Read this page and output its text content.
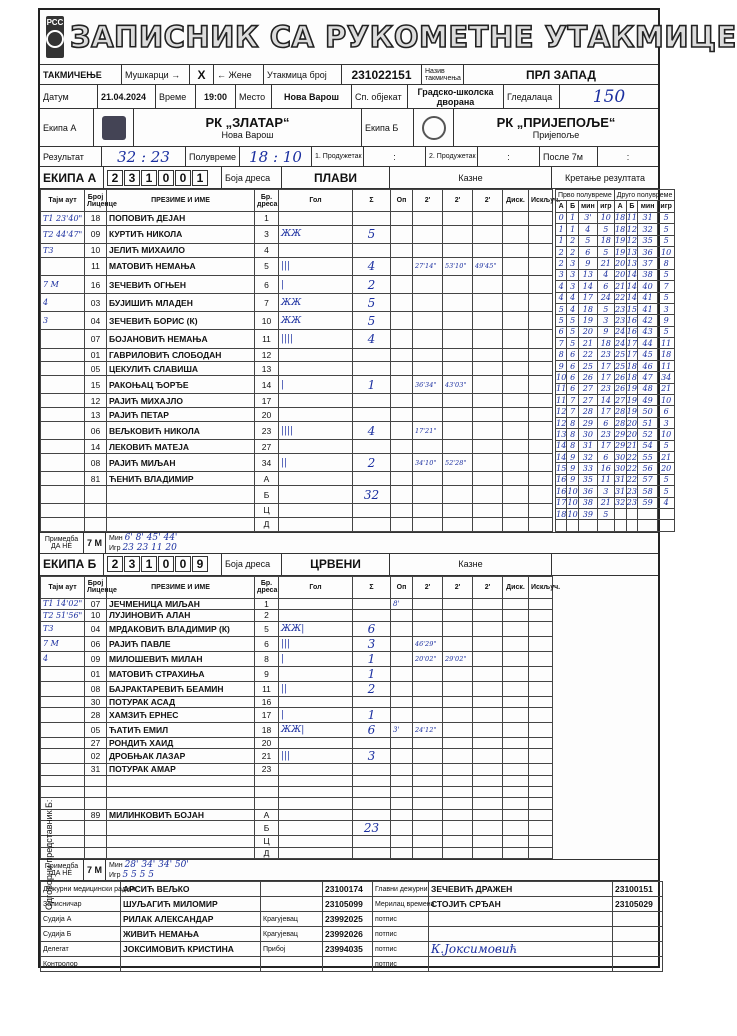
РСС ЗАПИСНИК СА РУКОМЕТНЕ УТАКМИЦЕ
ТАКМИЧЕЊЕ	Мушкарци →	X	← Жене	Утакмица број	231022151	Назив такмичења	ПРЛ ЗАПАД
Датум	21.04.2024	Време	19:00	Место	Нова Варош	Сп. објекат	Градско-школска дворана	Гледалаца	150
Екипа А	РК „ЗЛАТАР“
Нова Варош
Екипа Б	РК „ПРИЈЕПОЉЕ“
Пријепоље
Результат	32 : 23	Полувреме 18 : 10	1. Продужетак	:	2. Продужетак	:	После 7м	:
ЕКИПА А	2 3 1 0 0 1	Боја дреса	ПЛАВИ	Казне	Кретање резултата
Тајм аут	Број Лиценце	ПРЕЗИМЕ И ИМЕ	Бр. дреса	Гол	Σ	Оп	2'	2'	2'	Диск.	Искључ.
T1 23'40"	18	ПОПОВИЋ ДЕЈАН	1								
T2 44'47"	09	КУРТИЋ НИКОЛА	3	ЖЖ	5						
T3	10	ЈЕЛИЋ МИХАИЛО	4								
	11	МАТОВИЋ НЕМАЊА	5	|||	4		27'14"	53'10"	49'45"		
7 M	16	ЗЕЧЕВИЋ ОГЊЕН	6	|	2						
4	03	БУЈИШИЋ МЛАДЕН	7	ЖЖ	5						
3	04	ЗЕЧЕВИЋ БОРИС (К)	10	ЖЖ	5						
	07	БОЈАНОВИЋ НЕМАЊА	11	||||	4						
	01	ГАВРИЛОВИЋ СЛОБОДАН	12								
	05	ЦЕКУЛИЋ СЛАВИША	13								
	15	РАКОЊАЦ ЂОРЂЕ	14	|	1		36'34"	43'03"			
	12	РАЈИЋ МИХАЈЛО	17								
	13	РАЈИЋ ПЕТАР	20								
	06	ВЕЉКОВИЋ НИКОЛА	23	||||	4		17'21"				
	14	ЛЕКОВИЋ МАТЕЈА	27								
	08	РАЈИЋ МИЉАН	34	||	2		34'10"	52'28"			
	81	ЋЕНИЋ ВЛАДИМИР	А								
			Б		32						
			Ц								
			Д								
Прво полувреме				Друго полувреме			
А	Б	мин	игр	А	Б	мин	игр
0	1	3'	10	18	11	31	5
1	1	4	5	18	12	32	5
1	2	5	18	19	12	35	5
2	2	6	5	19	13	36	10
2	3	9	21	20	13	37	8
3	3	13	4	20	14	38	5
4	3	14	6	21	14	40	7
4	4	17	24	22	14	41	5
5	4	18	5	23	15	41	3
5	5	19	3	23	16	42	9
6	5	20	9	24	16	43	5
7	5	21	18	24	17	44	11
8	6	22	23	25	17	45	18
9	6	25	17	25	18	46	11
10	6	26	17	26	18	47	34
11	6	27	23	26	19	48	21
11	7	27	14	27	19	49	10
12	7	28	17	28	19	50	6
12	8	29	6	28	20	51	3
13	8	30	23	29	20	52	10
14	8	31	17	29	21	54	5
14	9	32	6	30	22	55	21
15	9	33	16	30	22	56	20
16	9	35	11	31	22	57	5
16	10	36	3	31	23	58	5
17	10	38	21	32	23	59	4
18	10	39	5				

Примедба
ДА НЕ	7 М Мин 6' 8' 45' 44'
Игр 23 23 11 20
ЕКИПА Б	2 3 1 0 0 9	Боја дреса	ЦРВЕНИ	Казне
Тајм аут	Број Лиценце	ПРЕЗИМЕ И ИМЕ	Бр. дреса	Гол	Σ	Оп	2'	2'	2'	Диск.	Искључ.
T1 14'02"	07	ЈЕЧМЕНИЦА МИЉАН	1			8'					
T2 51'56"	10	ЛУЈИНОВИЋ АЛАН	2								
T3	04	МРДАКОВИЋ ВЛАДИМИР (К)	5	ЖЖ|	6						
7 M	06	РАЈИЋ ПАВЛЕ	6	|||	3		46'29"				
4	09	МИЛОШЕВИЋ МИЛАН	8	|	1		20'02"	29'02"			
	01	МАТОВИЋ СТРАХИЊА	9		1						
	08	БАЈРАКТАРЕВИЋ БЕАМИН	11	||	2						
	30	ПОТУРАК АСАД	16								
	28	ХАМЗИЋ ЕРНЕС	17	|	1						
	05	ЋАТИЋ ЕМИЛ	18	ЖЖ|	6	3'	24'12"				
	27	РОНДИЋ ХАИД	20								
	02	ДРОБЊАК ЛАЗАР	21	|||	3						
	31	ПОТУРАК АМАР	23								

	89	МИЛИНКОВИЋ БОЈАН	А								
			Б		23						
			Ц								
			Д								
Примедба
ДА НЕ	7 М Мин 28' 34' 34' 50'
Игр 5 5 5 5
Дежурни медицински радник	АРСИЋ ВЕЉКО		23100174	Главни дежурни	ЗЕЧЕВИЋ ДРАЖЕН	23100151
Записничар	ШУЉАГИЋ МИЛОМИР		23105099	Мерилац времена	СТОЈИЋ СРЂАН	23105029
Судија А	РИЛАК АЛЕКСАНДАР	Крагујевац	23992025	потпис		
Судија Б	ЖИВИЋ НЕМАЊА	Крагујевац	23992026	потпис		
Делегат	ЈОКСИМОВИЋ КРИСТИНА	Прибој	23994035	потпис	К.Јоксимовић	
Контролор				потпис		
Одговорни представник Б:
